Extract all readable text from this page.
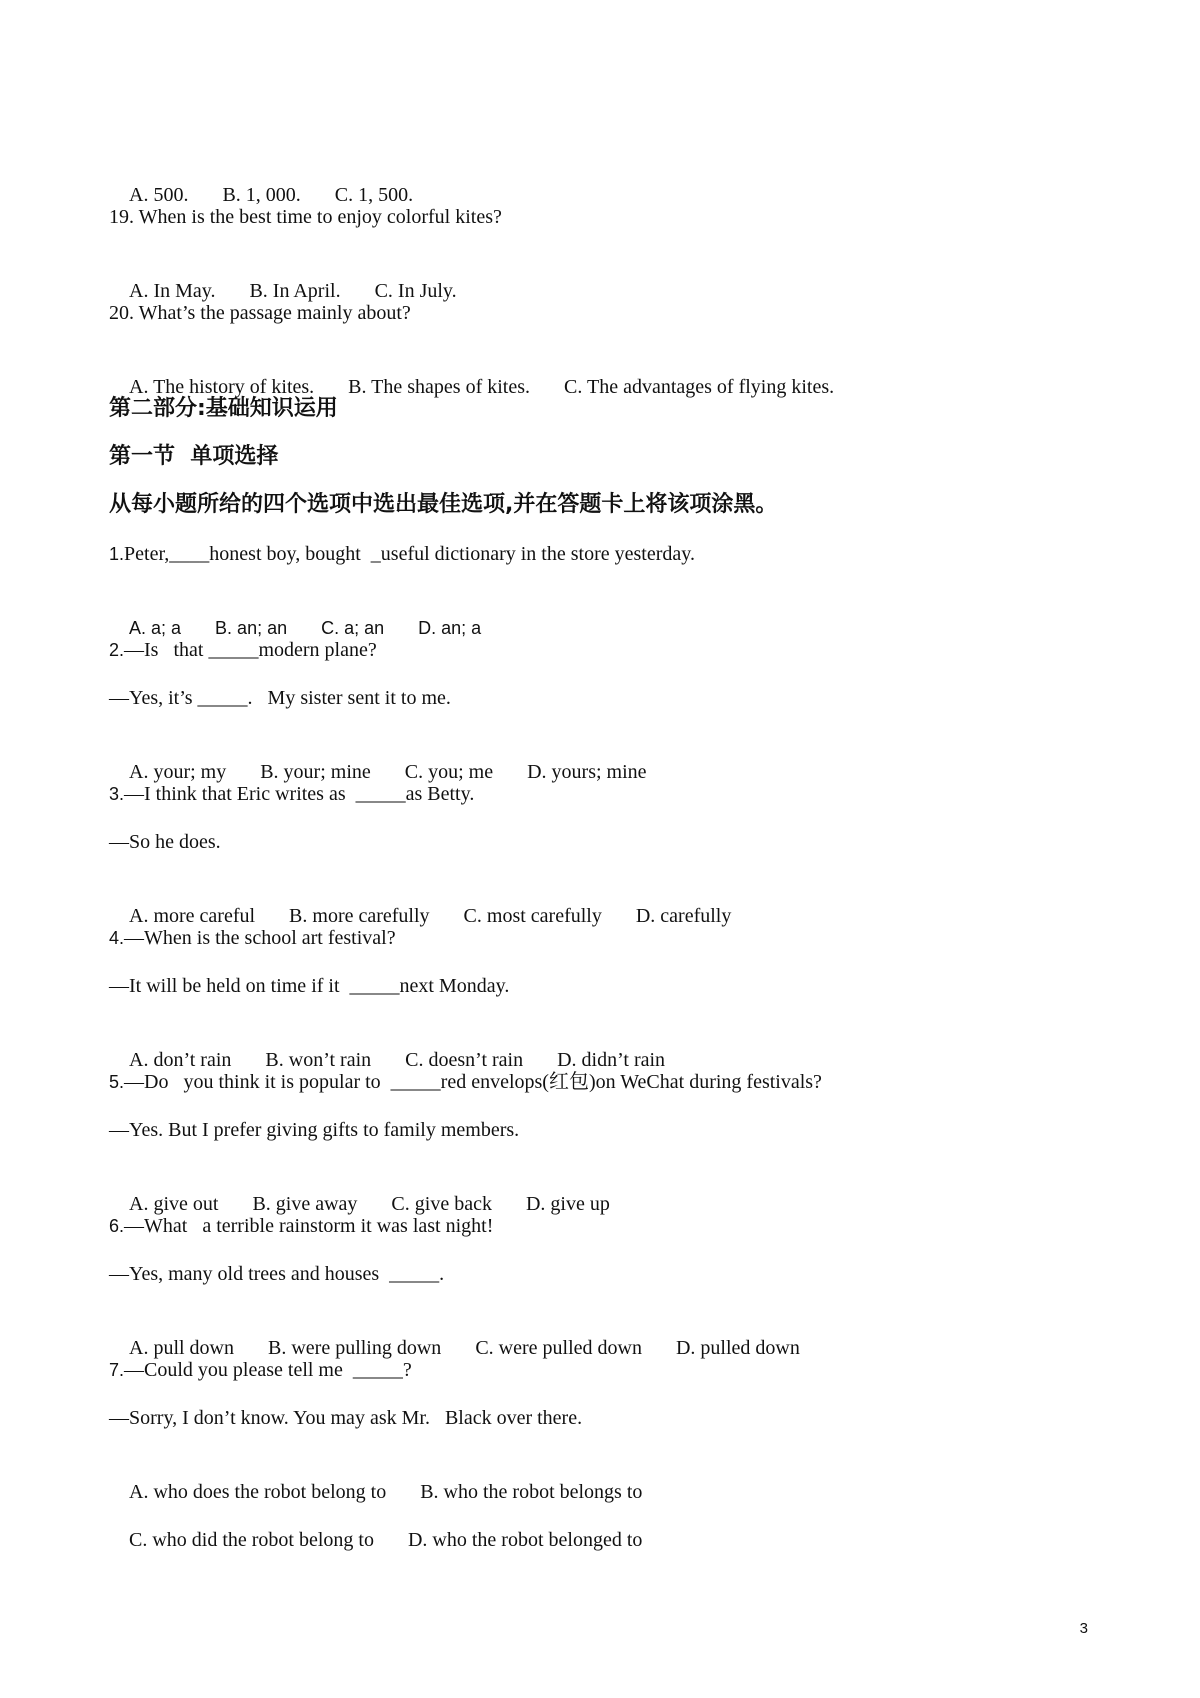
A. 500. B. 1, 000. C. 1, 500.

19. When is the best time to enjoy colorful kites?

A. In May. B. In April. C. In July.

20. What’s the passage mainly about?

A. The history of kites. B. The shapes of kites. C. The advantages of flying kites.

第二部分:基础知识运用
第一节  单项选择
从每小题所给的四个选项中选出最佳选项,并在答题卡上将该项涂黑。
1.Peter,____honest boy, bought  _useful dictionary in the store yesterday.

A. a; a B. an; an C. a; an D. an; a

2.—Is   that _____modern plane?
—Yes, it’s _____.   My sister sent it to me.

A. your; my B. your; mine C. you; me D. yours; mine

3.—I think that Eric writes as  _____as Betty.
—So he does.

A. more careful B. more carefully C. most carefully D. carefully

4.—When is the school art festival?
—It will be held on time if it  _____next Monday.

A. don’t rain B. won’t rain C. doesn’t rain D. didn’t rain

5.—Do   you think it is popular to  _____red envelops(红包)on WeChat during festivals?
—Yes. But I prefer giving gifts to family members.

A. give out B. give away C. give back D. give up

6.—What   a terrible rainstorm it was last night!
—Yes, many old trees and houses  _____.

A. pull down B. were pulling down C. were pulled down D. pulled down

7.—Could you please tell me  _____?
—Sorry, I don’t know. You may ask Mr.   Black over there.

A. who does the robot belong to B. who the robot belongs to

C. who did the robot belong to D. who the robot belonged to

3
